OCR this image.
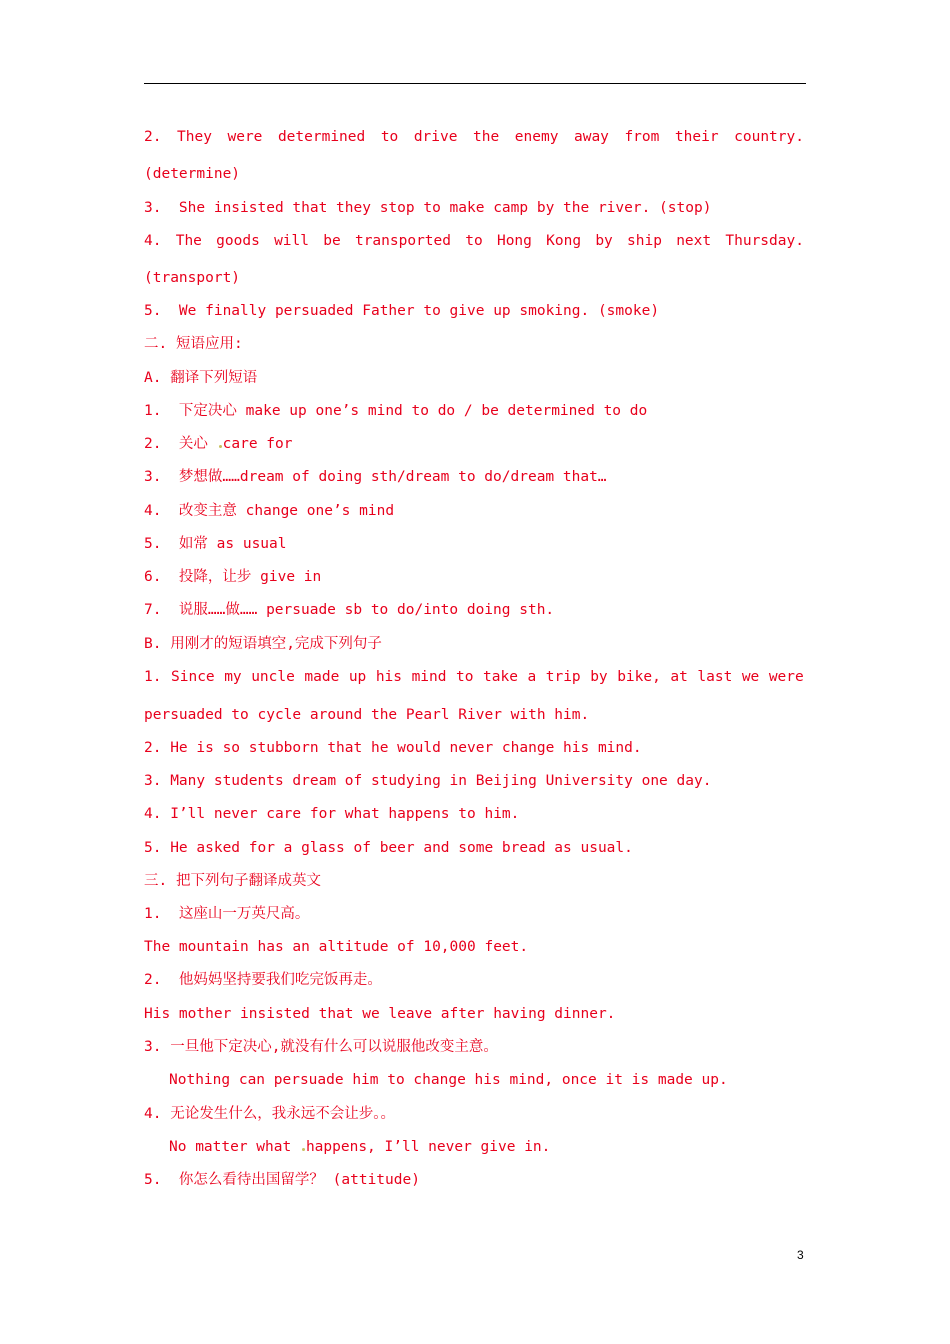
2. They were determined to drive the enemy away from their country.
(determine)
3.  She insisted that they stop to make camp by the river. (stop)
4. The goods will be transported to Hong Kong by ship next Thursday.
(transport)
5.  We finally persuaded Father to give up smoking. (smoke)
二. 短语应用:
A. 翻译下列短语
1.  下定决心 make up one’s mind to do / be determined to do
2.  关心 care for
3.  梦想做……dream of doing sth/dream to do/dream that…
4.  改变主意 change one’s mind
5.  如常 as usual
6.  投降，让步 give in
7.  说服……做…… persuade sb to do/into doing sth.
B. 用刚才的短语填空,完成下列句子
1. Since my uncle made up his mind to take a trip by bike, at last we were
persuaded to cycle around the Pearl River with him.
2. He is so stubborn that he would never change his mind.
3. Many students dream of studying in Beijing University one day.
4. I’ll never care for what happens to him.
5. He asked for a glass of beer and some bread as usual.
三. 把下列句子翻译成英文
1.  这座山一万英尺高。
The mountain has an altitude of 10,000 feet.
2.  他妈妈坚持要我们吃完饭再走。
His mother insisted that we leave after having dinner.
3. 一旦他下定决心,就没有什么可以说服他改变主意。
Nothing can persuade him to change his mind, once it is made up.
4. 无论发生什么，我永远不会让步。。
No matter what happens, I’ll never give in.
5.  你怎么看待出国留学？ (attitude)
3
